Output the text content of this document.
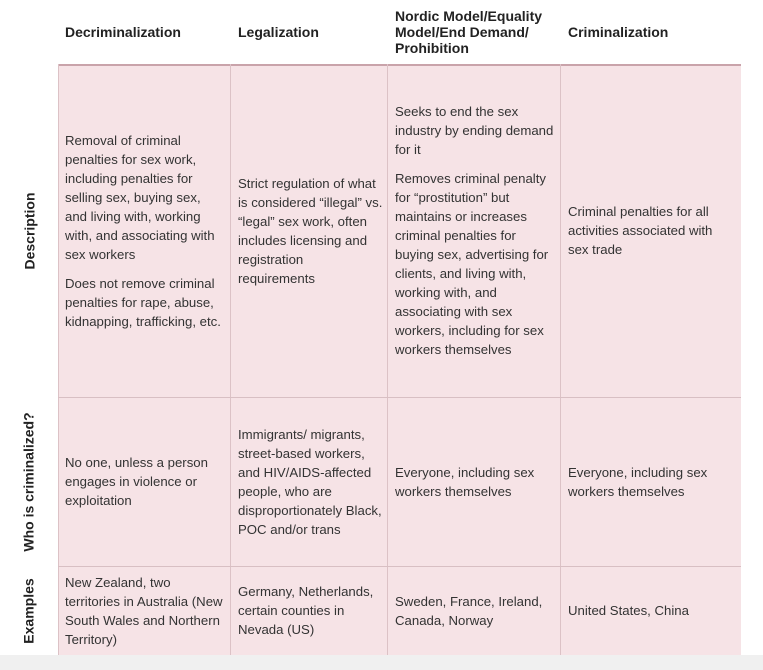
Decriminalization	Legalization
Nordic Model/Equality Model/End Demand/ Prohibition
Criminalization
Description
Who is criminalized?
Examples

Removal of criminal penalties for sex work, including penalties for selling sex, buying sex, and living with, working with, and associating with sex workers

Does not remove criminal penalties for rape, abuse, kidnapping, trafficking, etc.

Strict regulation of what is considered “illegal” vs. “legal” sex work, often includes licensing and registration requirements

Seeks to end the sex industry by ending demand for it

Removes criminal penalty for “prostitution” but maintains or increases criminal penalties for buying sex, advertising for clients, and living with, working with, and associating with sex workers, including for sex workers themselves

Criminal penalties for all activities associated with sex trade

No one, unless a person engages in violence or exploitation

Immigrants/ migrants, street-based workers, and HIV/AIDS-affected people, who are disproportionately Black, POC and/or trans

Everyone, including sex workers themselves

Everyone, including sex workers themselves

New Zealand, two territories in Australia (New South Wales and Northern Territory)

Germany, Netherlands, certain counties in Nevada (US)

Sweden, France, Ireland, Canada, Norway

United States, China
